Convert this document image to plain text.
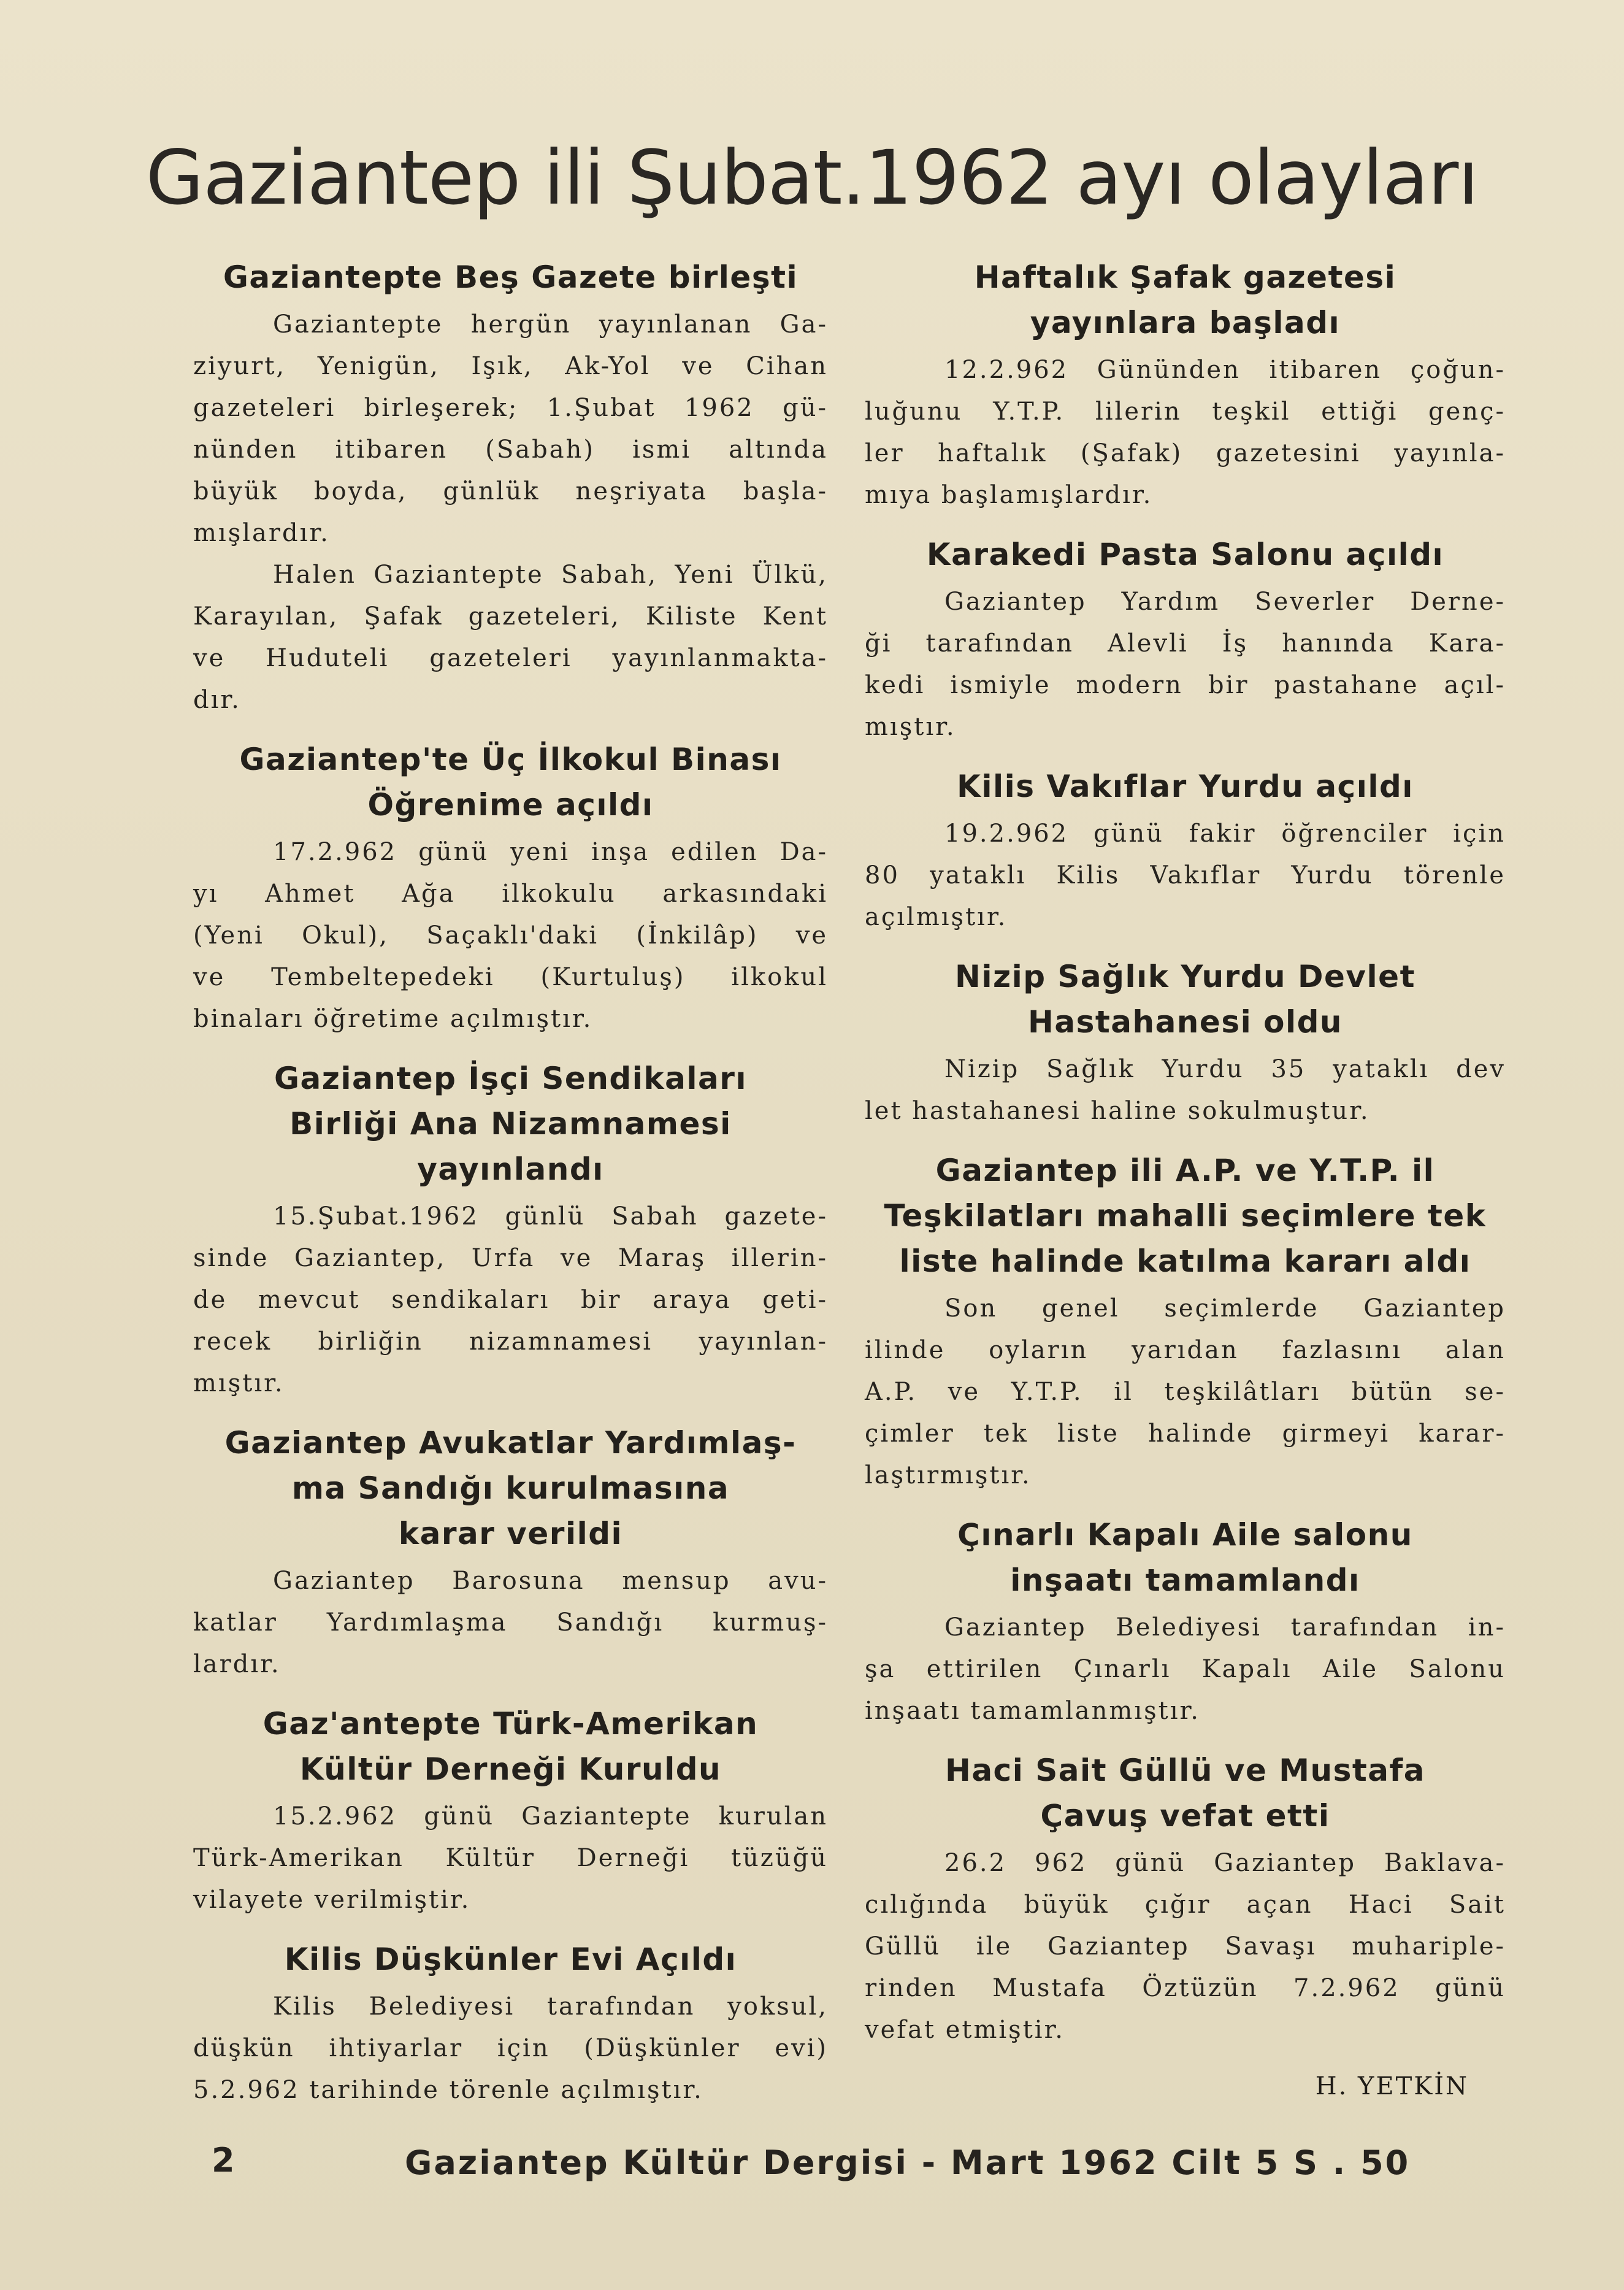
Gaziantep ili Şubat.1962 ayı olayları
Gaziantepte Beş Gazete birleşti

Gaziantepte hergün yayınlanan Ga-
ziyurt, Yenigün, Işık, Ak-Yol ve Cihan
gazeteleri birleşerek; 1.Şubat 1962 gü-
nünden itibaren (Sabah) ismi altında
büyük boyda, günlük neşriyata başla-
mışlardır.

Halen Gaziantepte Sabah, Yeni Ülkü,
Karayılan, Şafak gazeteleri, Kiliste Kent
ve Huduteli gazeteleri yayınlanmakta-
dır.

Gaziantep'te Üç İlkokul Binası
Öğrenime açıldı

17.2.962 günü yeni inşa edilen Da-
yı Ahmet Ağa ilkokulu arkasındaki
(Yeni Okul), Saçaklı'daki (İnkilâp) ve
ve Tembeltepedeki (Kurtuluş) ilkokul
binaları öğretime açılmıştır.

Gaziantep İşçi Sendikaları
Birliği Ana Nizamnamesi
yayınlandı

15.Şubat.1962 günlü Sabah gazete-
sinde Gaziantep, Urfa ve Maraş illerin-
de mevcut sendikaları bir araya geti-
recek birliğin nizamnamesi yayınlan-
mıştır.

Gaziantep Avukatlar Yardımlaş-
ma Sandığı kurulmasına
karar verildi

Gaziantep Barosuna mensup avu-
katlar Yardımlaşma Sandığı kurmuş-
lardır.

Gaz'antepte Türk-Amerikan
Kültür Derneği Kuruldu

15.2.962 günü Gaziantepte kurulan
Türk-Amerikan Kültür Derneği tüzüğü
vilayete verilmiştir.

Kilis Düşkünler Evi Açıldı

Kilis Belediyesi tarafından yoksul,
düşkün ihtiyarlar için (Düşkünler evi)
5.2.962 tarihinde törenle açılmıştır.

Haftalık Şafak gazetesi
yayınlara başladı

12.2.962 Gününden itibaren çoğun-
luğunu Y.T.P. lilerin teşkil ettiği genç-
ler haftalık (Şafak) gazetesini yayınla-
mıya başlamışlardır.

Karakedi Pasta Salonu açıldı

Gaziantep Yardım Severler Derne-
ği tarafından Alevli İş hanında Kara-
kedi ismiyle modern bir pastahane açıl-
mıştır.

Kilis Vakıflar Yurdu açıldı

19.2.962 günü fakir öğrenciler için
80 yataklı Kilis Vakıflar Yurdu törenle
açılmıştır.

Nizip Sağlık Yurdu Devlet
Hastahanesi oldu

Nizip Sağlık Yurdu 35 yataklı dev
let hastahanesi haline sokulmuştur.

Gaziantep ili A.P. ve Y.T.P. il
Teşkilatları mahalli seçimlere tek
liste halinde katılma kararı aldı

Son genel seçimlerde Gaziantep
ilinde oyların yarıdan fazlasını alan
A.P. ve Y.T.P. il teşkilâtları bütün se-
çimler tek liste halinde girmeyi karar-
laştırmıştır.

Çınarlı Kapalı Aile salonu
inşaatı tamamlandı

Gaziantep Belediyesi tarafından in-
şa ettirilen Çınarlı Kapalı Aile Salonu
inşaatı tamamlanmıştır.

Haci Sait Güllü ve Mustafa
Çavuş vefat etti

26.2 962 günü Gaziantep Baklava-
cılığında büyük çığır açan Haci Sait
Güllü ile Gaziantep Savaşı muhariple-
rinden Mustafa Öztüzün 7.2.962 günü
vefat etmiştir.

H. YETKİN

2	Gaziantep Kültür Dergisi - Mart 1962 Cilt 5 S . 50
